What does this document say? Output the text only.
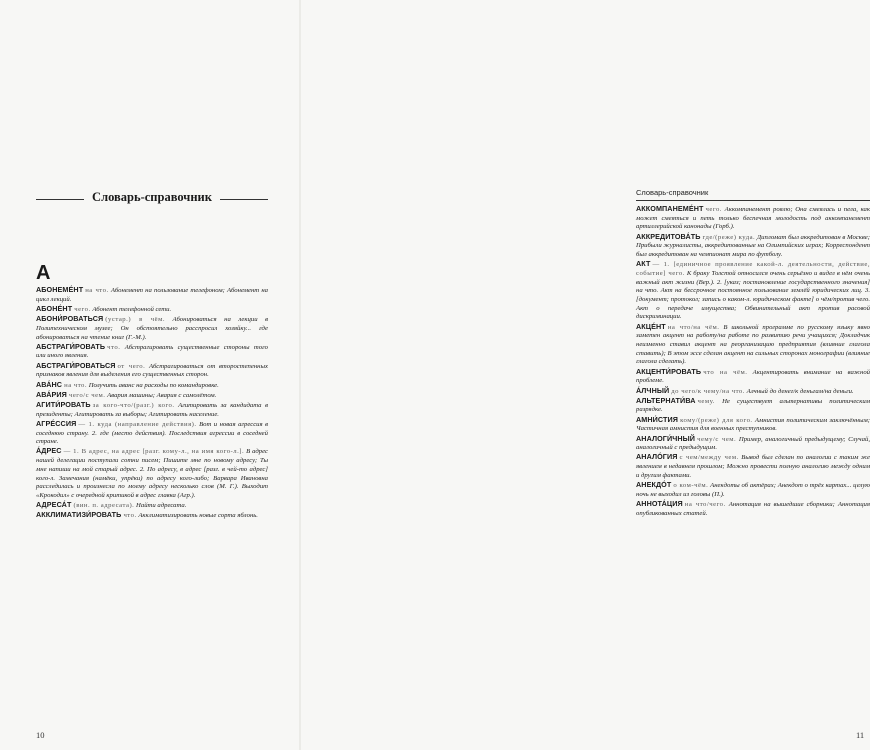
Словарь-справочник
А

АБОНЕМЕ́НТ на что. Абонемент на пользование телефоном; Абонемент на цикл лекций.

АБОНЕ́НТ чего. Абонент телефонной сети.

АБОНИ́РОВАТЬСЯ (устар.) в чём. Абонироваться на лекции в Политехническом музее; Он обстоятельно расспросил хозяйку... где абонироваться на чтение книг (Г.-М.).

АБСТРАГИ́РОВАТЬ что. Абстрагировать существенные стороны того или иного явления.

АБСТРАГИ́РОВАТЬСЯ от чего. Абстрагироваться от второстепенных признаков явления для выделения его существенных сторон.

АВА́НС на что. Получить аванс на расходы по командировке.

АВА́РИЯ чего/с чем. Авария машины; Авария с самолётом.

АГИТИ́РОВАТЬ за кого-что/(разг.) кого. Агитировать за кандидата в президенты; Агитировать за выборы; Агитировать население.

АГРЕ́ССИЯ — 1. куда (направление действия). Вот и новая агрессия в соседнюю страну. 2. где (место действия). Последствия агрессии в соседней стране.

А́ДРЕС — 1. В адрес, на адрес [разг. кому-л., на имя кого-л.]. В адрес нашей делегации поступали сотни писем; Пишите мне по новому адресу; Ты мне напиши на мой старый адрес. 2. По адресу, в адрес [разг. в чей-то адрес] кого-л. Замечания (намёки, упрёки) по адресу кого-либо; Варвара Ивановна расследилась и произнесла по моему адресу несколько слов (М. Г.). Выходит «Крокодил» с очередной критикой в адрес главка (Агр.).

АДРЕСА́Т (вин. п. адресата). Найти адресата.

АККЛИМАТИЗИ́РОВАТЬ что. Акклиматизировать новые сорта яблонь.

10
Словарь-справочник

АККОМПАНЕМЕ́НТ чего. Аккомпанемент роялю; Она смеялась и пела, как может смеяться и петь только беспечная молодость под аккомпанемент артиллерийской канонады (Горб.).

АККРЕДИТОВА́ТЬ где/(реже) куда. Дипломат был аккредитован в Москве; Прибыли журналисты, аккредитованные на Олимпийских играх; Корреспондент был аккредитован на чемпионат мира по футболу.

АКТ — 1. [единичное проявление какой-л. деятельности, действие, событие] чего. К браку Толстой относился очень серьёзно и видел в нём очень важный акт жизни (Вер.). 2. [указ; постановление государственного значения] на что. Акт на бессрочное постоянное пользование землёй юридических лиц. 3. [документ; протокол; запись о каком-л. юридическом факте] о чём/против чего. Акт о передаче имущества; Обвинительный акт против расовой дискриминации.

АКЦЕ́НТ на что/на чём. В школьной программе по русскому языку явно заметен акцент на работу/на работе по развитию речи учащихся; Докладчик неизменно ставил акцент на реорганизацию предприятия (влияние глагола ставить); В этом эссе сделан акцент на сильных сторонах монографии (влияние глагола сделать).

АКЦЕНТИ́РОВАТЬ что на чём. Акцентировать внимание на важной проблеме.

А́ЛЧНЫЙ до чего/к чему/на что. Алчный до денег/к деньгам/на деньги.

АЛЬТЕРНАТИ́ВА чему. Не существует альтернативы политическим разрядке.

АМНИ́СТИЯ кому/(реже) для кого. Амнистия политическим заключённым; Частичная амнистия для военных преступников.

АНАЛОГИ́ЧНЫЙ чему/с чем. Пример, аналогичный предыдущему; Случай, аналогичный с предыдущим.

АНАЛО́ГИЯ с чем/между чем. Вывод был сделан по аналогии с таким же явлением в недавнем прошлом; Можно провести полную аналогию между одним и другим фактами.

АНЕКДО́Т о ком-чём. Анекдоты об актёрах; Анекдот о трёх картах... целую ночь не выходил из головы (П.).

АННОТА́ЦИЯ на что/чего. Аннотация на вышедшие сборники; Аннотация опубликованных статей.

11
